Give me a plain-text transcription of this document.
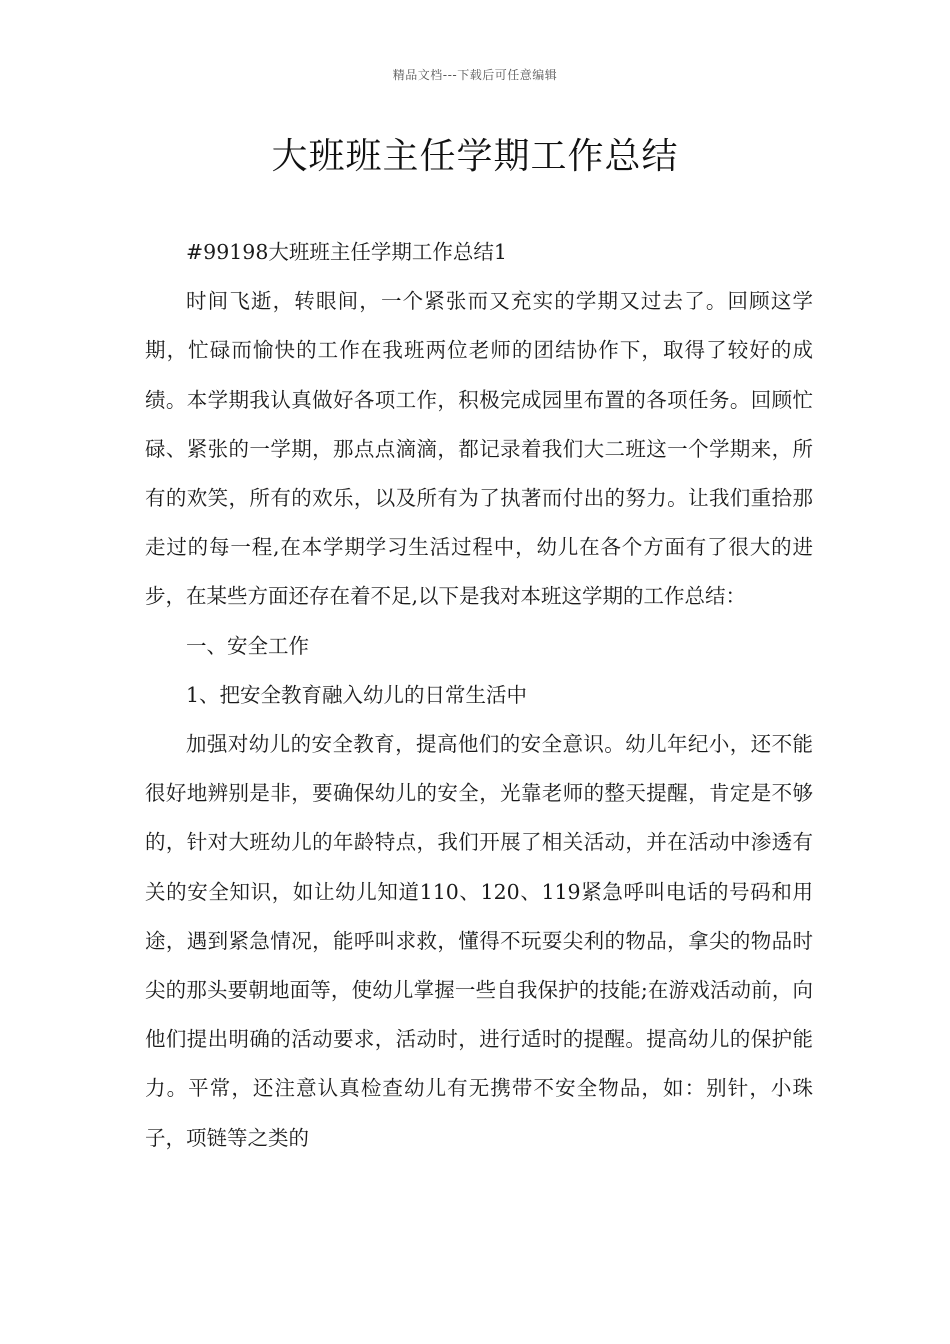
精品文档---下载后可任意编辑
大班班主任学期工作总结

#99198大班班主任学期工作总结1

时间飞逝，转眼间，一个紧张而又充实的学期又过去了。回顾这学期，忙碌而愉快的工作在我班两位老师的团结协作下，取得了较好的成绩。本学期我认真做好各项工作，积极完成园里布置的各项任务。回顾忙碌、紧张的一学期，那点点滴滴，都记录着我们大二班这一个学期来，所有的欢笑，所有的欢乐，以及所有为了执著而付出的努力。让我们重拾那走过的每一程,在本学期学习生活过程中，幼儿在各个方面有了很大的进步，在某些方面还存在着不足,以下是我对本班这学期的工作总结：

一、安全工作

1、把安全教育融入幼儿的日常生活中

加强对幼儿的安全教育，提高他们的安全意识。幼儿年纪小，还不能很好地辨别是非，要确保幼儿的安全，光靠老师的整天提醒，肯定是不够的，针对大班幼儿的年龄特点，我们开展了相关活动，并在活动中渗透有关的安全知识，如让幼儿知道110、120、119紧急呼叫电话的号码和用途，遇到紧急情况，能呼叫求救，懂得不玩耍尖利的物品，拿尖的物品时尖的那头要朝地面等，使幼儿掌握一些自我保护的技能;在游戏活动前，向他们提出明确的活动要求，活动时，进行适时的提醒。提高幼儿的保护能力。平常，还注意认真检查幼儿有无携带不安全物品，如：别针，小珠子，项链等之类的
